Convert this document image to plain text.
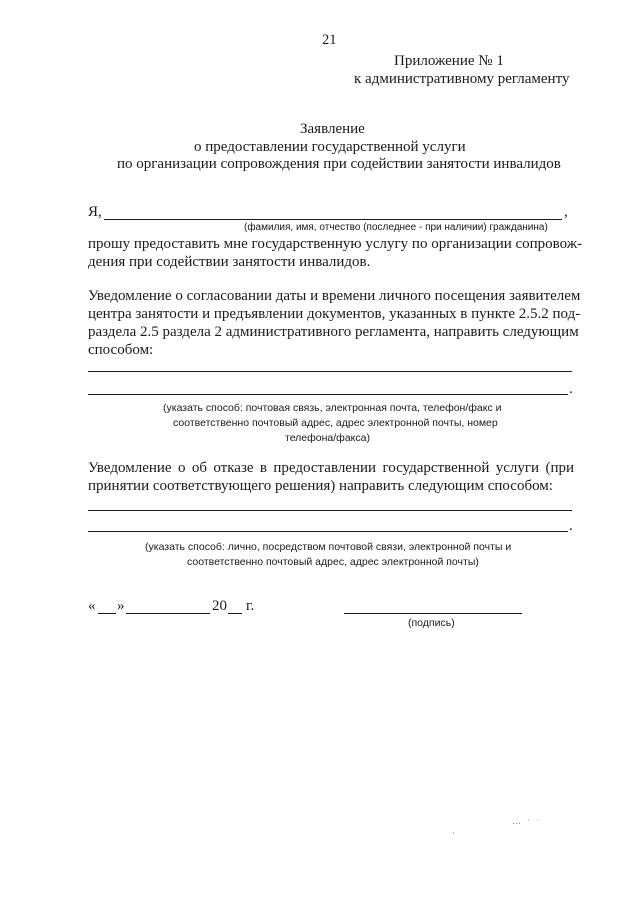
21
Приложение № 1
к административному регламенту
Заявление
о предоставлении государственной услуги
по организации сопровождения при содействии занятости инвалидов
Я,	,
(фамилия, имя, отчество (последнее - при наличии) гражданина)
прошу предоставить мне государственную услугу по организации сопровож-
дения при содействии занятости инвалидов.
Уведомление о согласовании даты и времени личного посещения заявителем
центра занятости и предъявлении документов, указанных в пункте 2.5.2 под-
раздела 2.5 раздела 2 административного регламента, направить следующим
способом:
.
(указать способ: почтовая связь, электронная почта, телефон/факс и
соответственно почтовый адрес, адрес электронной почты, номер
телефона/факса)
Уведомление о об отказе в предоставлении государственной услуги (при
принятии соответствующего решения) направить следующим способом:
.
(указать способ: лично, посредством почтовой связи, электронной почты и
соответственно почтовый адрес, адрес электронной почты)
« »	20 г.
(подпись)
⋯ ˙ ˙
·
